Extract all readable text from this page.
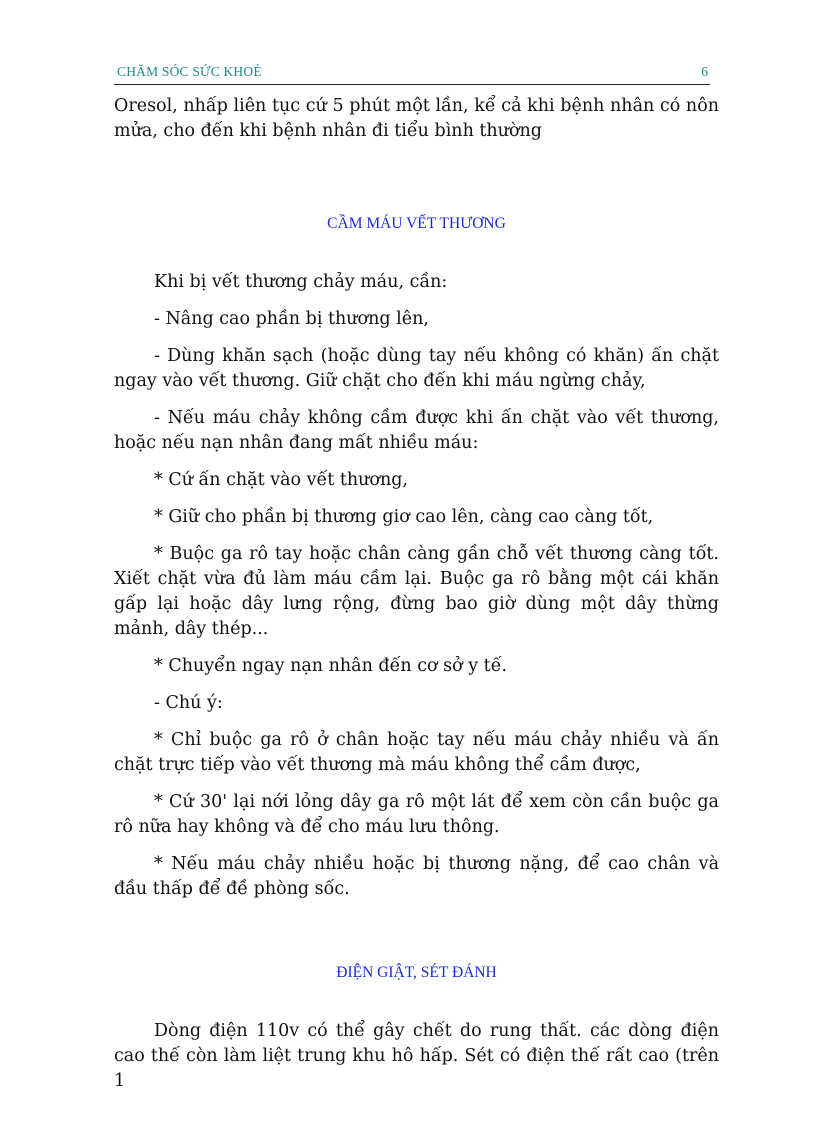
CHĂM SÓC SỨC KHOẺ	6

Oresol, nhấp liên tục cứ 5 phút một lần, kể cả khi bệnh nhân có nôn mửa, cho đến khi bệnh nhân đi tiểu bình thường

CẦM MÁU VẾT THƯƠNG

Khi bị vết thương chảy máu, cần:

- Nâng cao phần bị thương lên,

- Dùng khăn sạch (hoặc dùng tay nếu không có khăn) ấn chặt ngay vào vết thương. Giữ chặt cho đến khi máu ngừng chảy,

- Nếu máu chảy không cầm được khi ấn chặt vào vết thương, hoặc nếu nạn nhân đang mất nhiều máu:

* Cứ ấn chặt vào vết thương,

* Giữ cho phần bị thương giơ cao lên, càng cao càng tốt,

* Buộc ga rô tay hoặc chân càng gần chỗ vết thương càng tốt. Xiết chặt vừa đủ làm máu cầm lại. Buộc ga rô bằng một cái khăn gấp lại hoặc dây lưng rộng, đừng bao giờ dùng một dây thừng mảnh, dây thép...

* Chuyển ngay nạn nhân đến cơ sở y tế.

- Chú ý:

* Chỉ buộc ga rô ở chân hoặc tay nếu máu chảy nhiều và ấn chặt trực tiếp vào vết thương mà máu không thể cầm được,

* Cứ 30' lại nới lỏng dây ga rô một lát để xem còn cần buộc ga rô nữa hay không và để cho máu lưu thông.

* Nếu máu chảy nhiều hoặc bị thương nặng, để cao chân và đầu thấp để đề phòng sốc.

ĐIỆN GIẬT, SÉT ĐÁNH

Dòng điện 110v có thể gây chết do rung thất. các dòng điện cao thế còn làm liệt trung khu hô hấp. Sét có điện thế rất cao (trên 1
